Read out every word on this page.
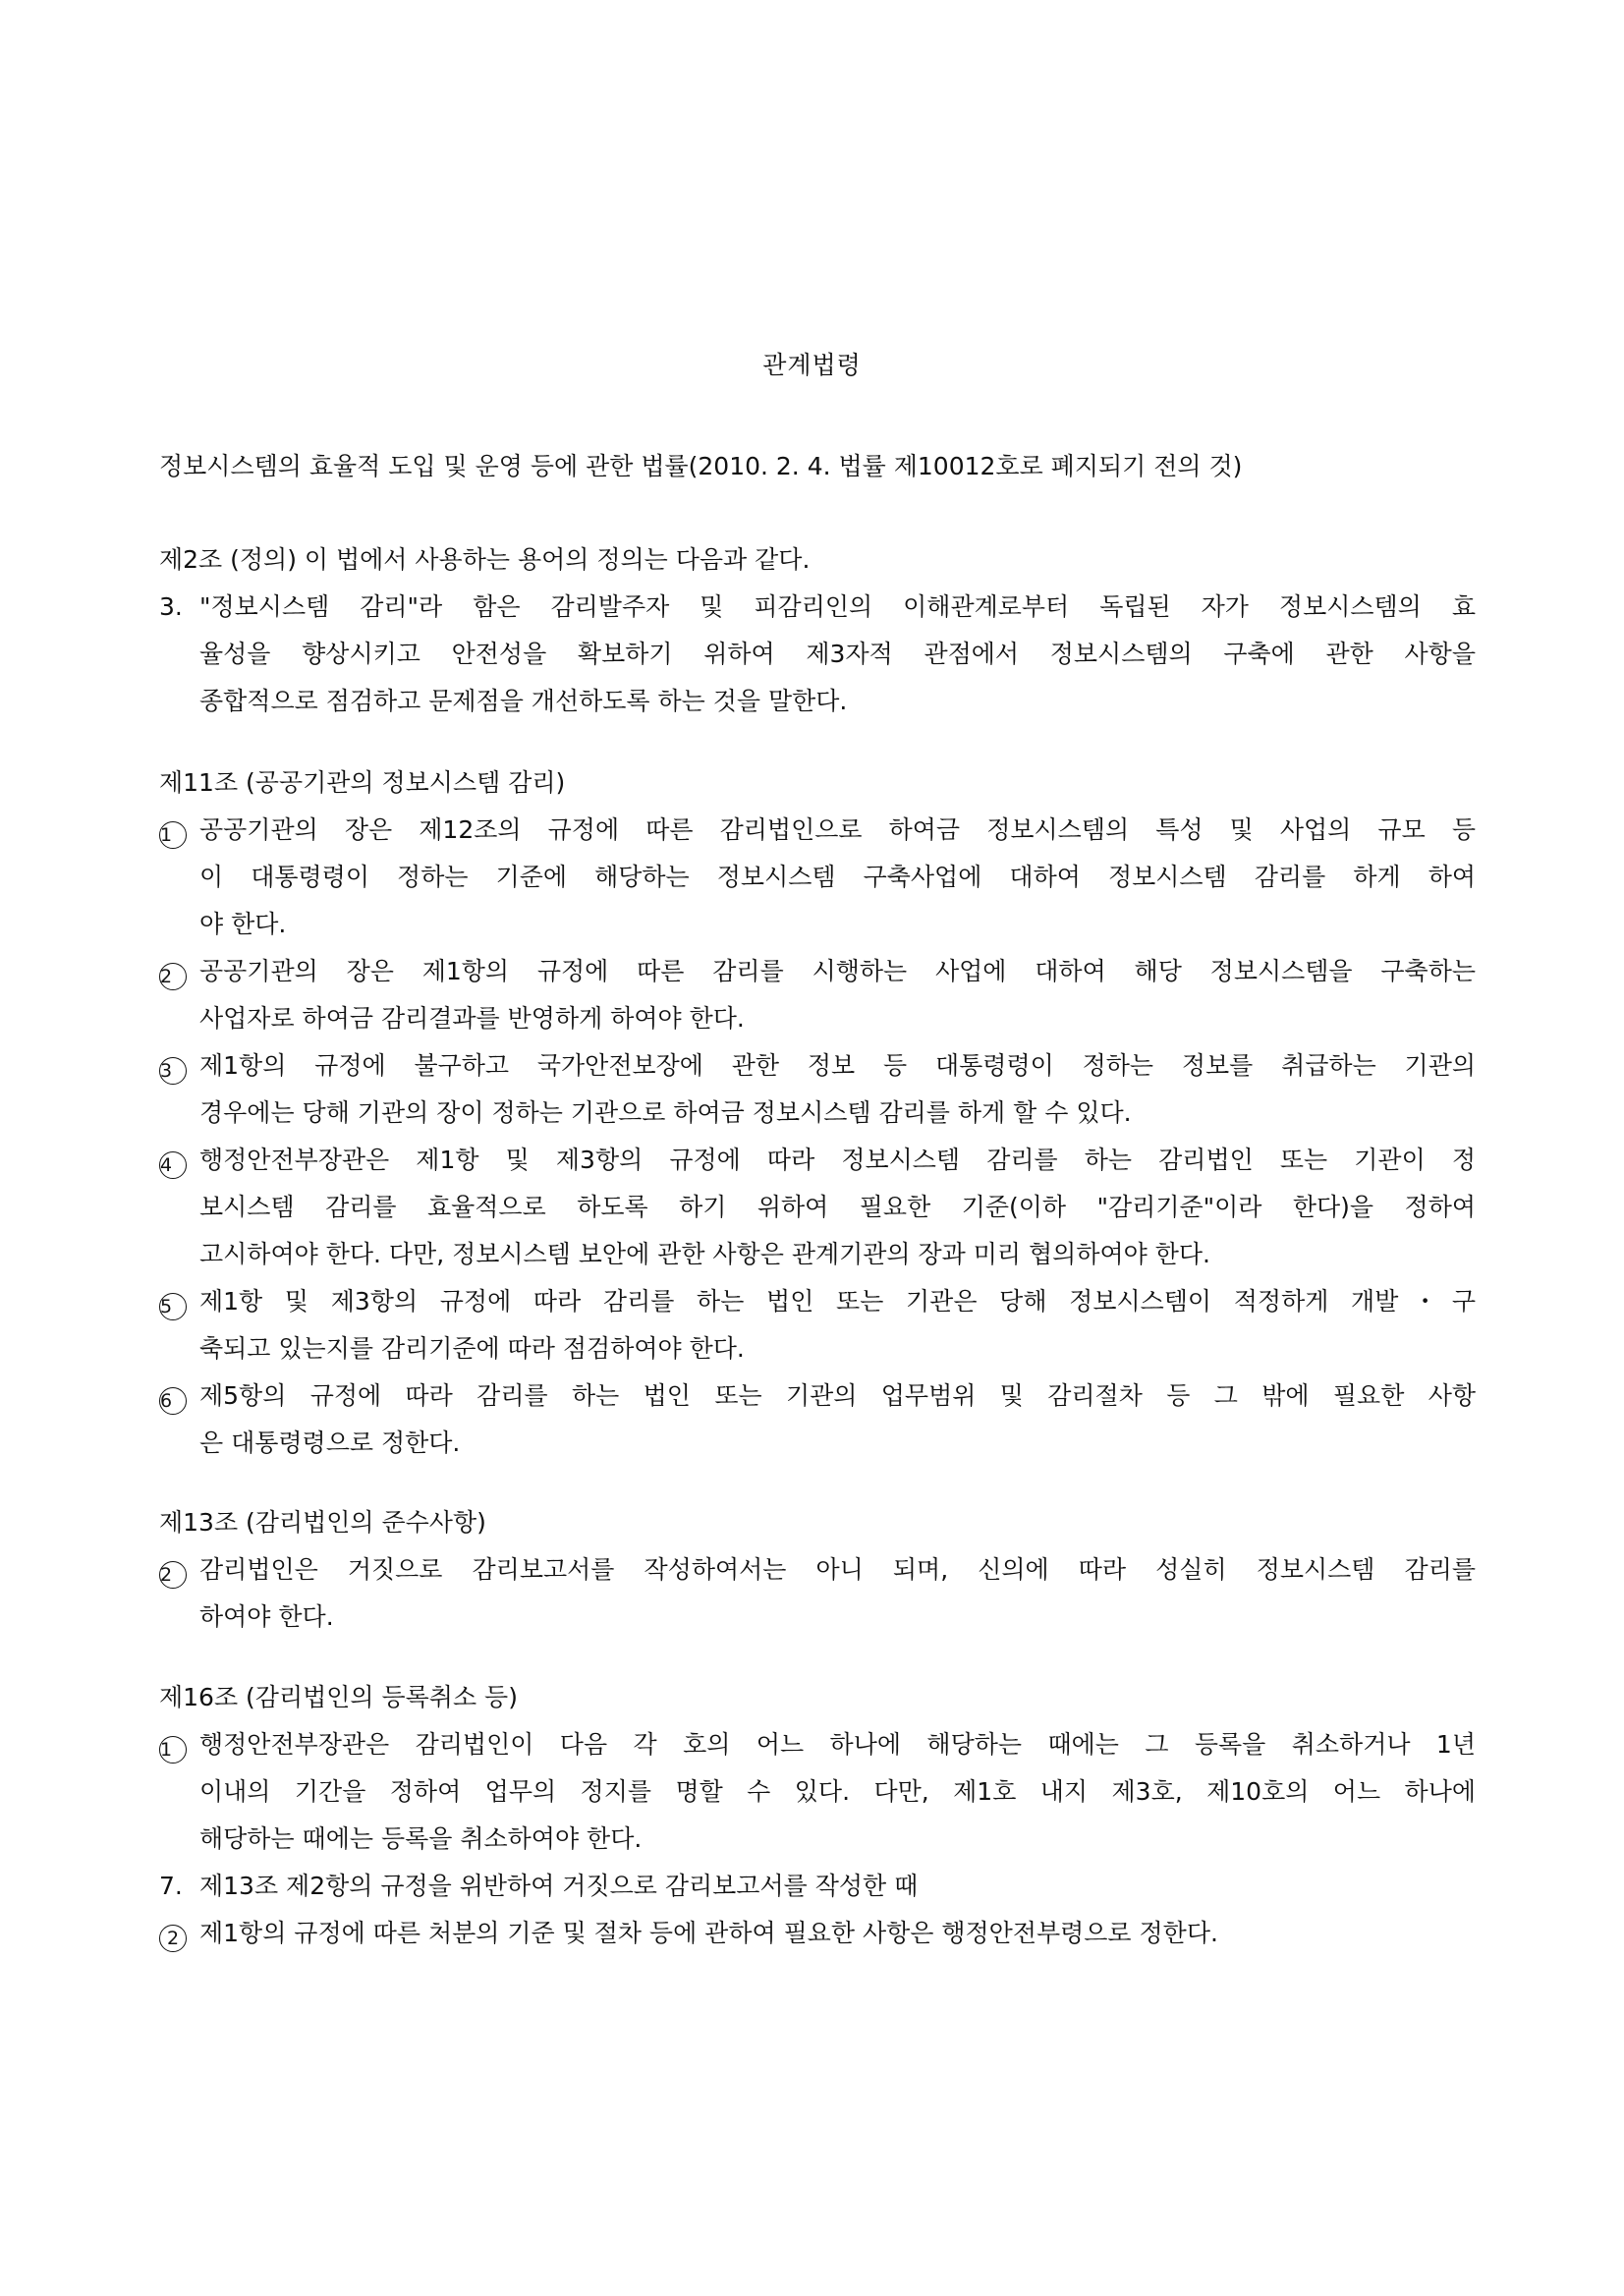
관계법령
정보시스템의 효율적 도입 및 운영 등에 관한 법률(2010. 2. 4. 법률 제10012호로 폐지되기 전의 것)
제2조 (정의) 이 법에서 사용하는 용어의 정의는 다음과 같다.
3. "정보시스템 감리"라 함은 감리발주자 및 피감리인의 이해관계로부터 독립된 자가 정보시스템의 효
율성을 향상시키고 안전성을 확보하기 위하여 제3자적 관점에서 정보시스템의 구축에 관한 사항을
종합적으로 점검하고 문제점을 개선하도록 하는 것을 말한다.
제11조 (공공기관의 정보시스템 감리)
1 공공기관의 장은 제12조의 규정에 따른 감리법인으로 하여금 정보시스템의 특성 및 사업의 규모 등
이 대통령령이 정하는 기준에 해당하는 정보시스템 구축사업에 대하여 정보시스템 감리를 하게 하여
야 한다.
2 공공기관의 장은 제1항의 규정에 따른 감리를 시행하는 사업에 대하여 해당 정보시스템을 구축하는
사업자로 하여금 감리결과를 반영하게 하여야 한다.
3 제1항의 규정에 불구하고 국가안전보장에 관한 정보 등 대통령령이 정하는 정보를 취급하는 기관의
경우에는 당해 기관의 장이 정하는 기관으로 하여금 정보시스템 감리를 하게 할 수 있다.
4 행정안전부장관은 제1항 및 제3항의 규정에 따라 정보시스템 감리를 하는 감리법인 또는 기관이 정
보시스템 감리를 효율적으로 하도록 하기 위하여 필요한 기준(이하 "감리기준"이라 한다)을 정하여
고시하여야 한다. 다만, 정보시스템 보안에 관한 사항은 관계기관의 장과 미리 협의하여야 한다.
5 제1항 및 제3항의 규정에 따라 감리를 하는 법인 또는 기관은 당해 정보시스템이 적정하게 개발・구
축되고 있는지를 감리기준에 따라 점검하여야 한다.
6 제5항의 규정에 따라 감리를 하는 법인 또는 기관의 업무범위 및 감리절차 등 그 밖에 필요한 사항
은 대통령령으로 정한다.
제13조 (감리법인의 준수사항)
2 감리법인은 거짓으로 감리보고서를 작성하여서는 아니 되며, 신의에 따라 성실히 정보시스템 감리를
하여야 한다.
제16조 (감리법인의 등록취소 등)
1 행정안전부장관은 감리법인이 다음 각 호의 어느 하나에 해당하는 때에는 그 등록을 취소하거나 1년
이내의 기간을 정하여 업무의 정지를 명할 수 있다. 다만, 제1호 내지 제3호, 제10호의 어느 하나에
해당하는 때에는 등록을 취소하여야 한다.
7. 제13조 제2항의 규정을 위반하여 거짓으로 감리보고서를 작성한 때
2 제1항의 규정에 따른 처분의 기준 및 절차 등에 관하여 필요한 사항은 행정안전부령으로 정한다.
